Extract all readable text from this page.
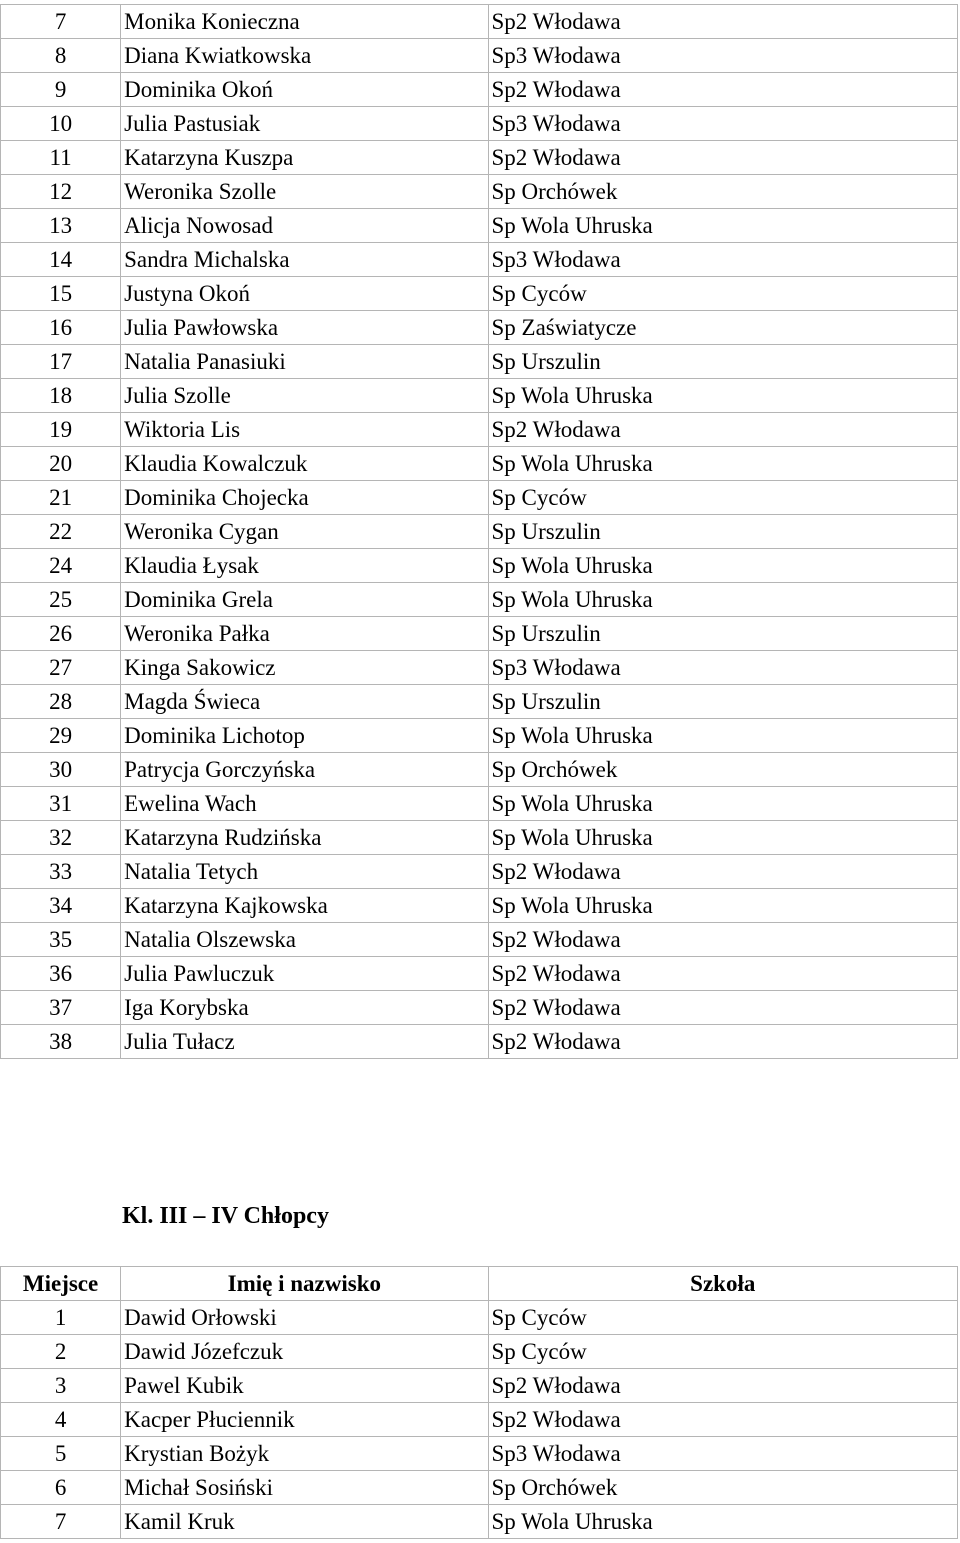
7	Monika Konieczna	Sp2 Włodawa
8	Diana Kwiatkowska	Sp3 Włodawa
9	Dominika Okoń	Sp2 Włodawa
10	Julia Pastusiak	Sp3 Włodawa
11	Katarzyna Kuszpa	Sp2 Włodawa
12	Weronika Szolle	Sp Orchówek
13	Alicja Nowosad	Sp Wola Uhruska
14	Sandra Michalska	Sp3 Włodawa
15	Justyna Okoń	Sp Cyców
16	Julia Pawłowska	Sp Zaświatycze
17	Natalia Panasiuki	Sp Urszulin
18	Julia Szolle	Sp Wola Uhruska
19	Wiktoria Lis	Sp2 Włodawa
20	Klaudia Kowalczuk	Sp Wola Uhruska
21	Dominika Chojecka	Sp Cyców
22	Weronika Cygan	Sp Urszulin
24	Klaudia Łysak	Sp Wola Uhruska
25	Dominika Grela	Sp Wola Uhruska
26	Weronika Pałka	Sp Urszulin
27	Kinga Sakowicz	Sp3 Włodawa
28	Magda Świeca	Sp Urszulin
29	Dominika Lichotop	Sp Wola Uhruska
30	Patrycja Gorczyńska	Sp Orchówek
31	Ewelina Wach	Sp Wola Uhruska
32	Katarzyna Rudzińska	Sp Wola Uhruska
33	Natalia Tetych	Sp2 Włodawa
34	Katarzyna Kajkowska	Sp Wola Uhruska
35	Natalia Olszewska	Sp2 Włodawa
36	Julia Pawluczuk	Sp2 Włodawa
37	Iga Korybska	Sp2 Włodawa
38	Julia Tułacz	Sp2 Włodawa
Kl. III – IV Chłopcy
Miejsce	Imię i nazwisko	Szkoła
1	Dawid Orłowski	Sp Cyców
2	Dawid Józefczuk	Sp Cyców
3	Pawel Kubik	Sp2 Włodawa
4	Kacper Płuciennik	Sp2 Włodawa
5	Krystian Bożyk	Sp3 Włodawa
6	Michał Sosiński	Sp Orchówek
7	Kamil Kruk	Sp Wola Uhruska
